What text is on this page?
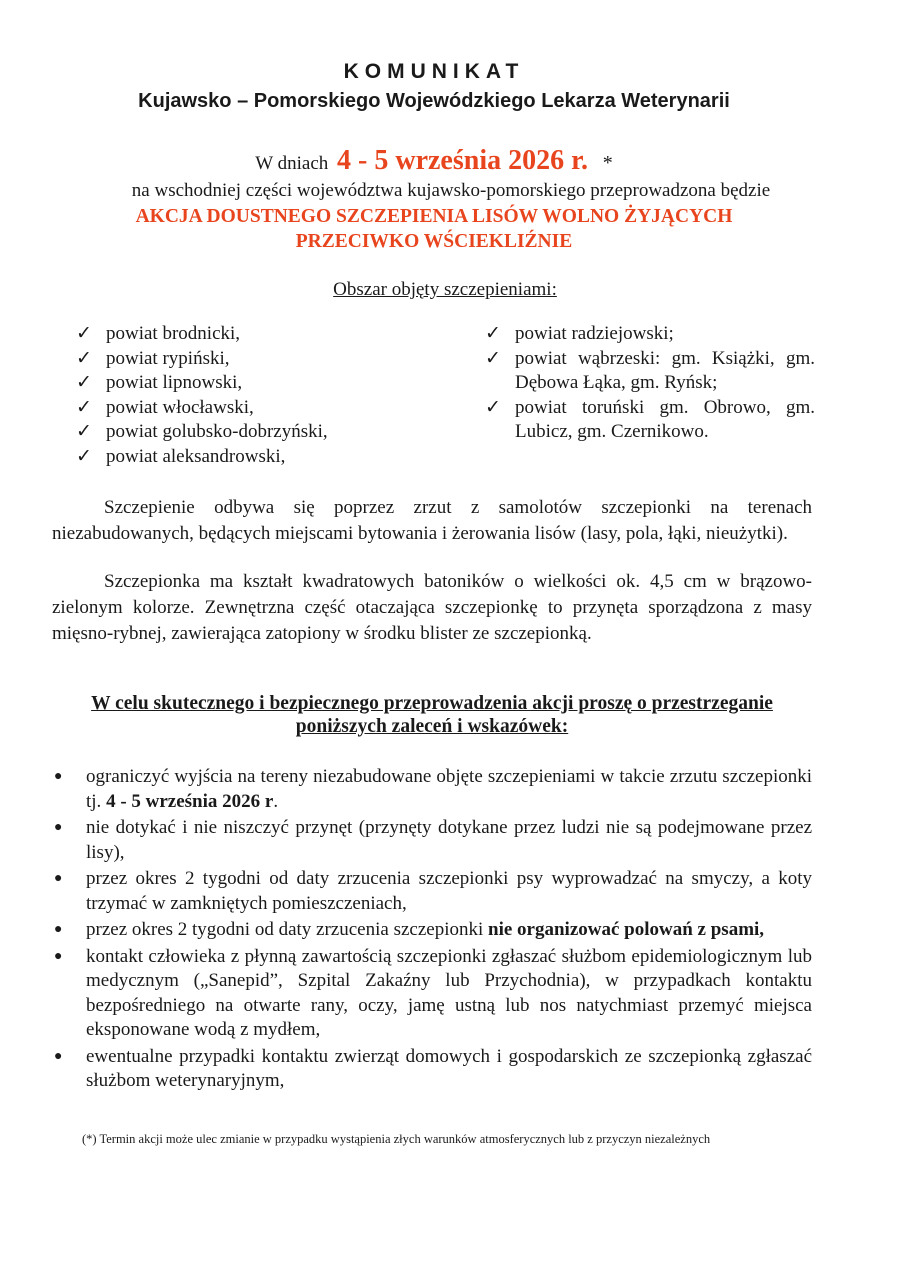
KOMUNIKAT
Kujawsko – Pomorskiego Wojewódzkiego Lekarza Weterynarii
W dniach 4 - 5 września 2026 r. *
na wschodniej części województwa kujawsko-pomorskiego przeprowadzona będzie
AKCJA DOUSTNEGO SZCZEPIENIA LISÓW WOLNO ŻYJĄCYCH
PRZECIWKO WŚCIEKLIŹNIE
Obszar objęty szczepieniami:
✓ powiat brodnicki,
✓ powiat rypiński,
✓ powiat lipnowski,
✓ powiat włocławski,
✓ powiat golubsko-dobrzyński,
✓ powiat aleksandrowski,
✓ powiat radziejowski;
✓ powiat wąbrzeski: gm. Książki, gm. Dębowa Łąka, gm. Ryńsk;
✓ powiat toruński gm. Obrowo, gm. Lubicz, gm. Czernikowo.

Szczepienie odbywa się poprzez zrzut z samolotów szczepionki na terenach niezabudowanych, będących miejscami bytowania i żerowania lisów (lasy, pola, łąki, nieużytki).

Szczepionka ma kształt kwadratowych batoników o wielkości ok. 4,5 cm w brązowo-zielonym kolorze. Zewnętrzna część otaczająca szczepionkę to przynęta sporządzona z masy mięsno-rybnej, zawierająca zatopiony w środku blister ze szczepionką.

W celu skutecznego i bezpiecznego przeprowadzenia akcji proszę o przestrzeganie
poniższych zaleceń i wskazówek:
●	ograniczyć wyjścia na tereny niezabudowane objęte szczepieniami w takcie zrzutu szczepionki tj. 4 - 5 września 2026 r.
●	nie dotykać i nie niszczyć przynęt (przynęty dotykane przez ludzi nie są podejmowane przez lisy),
●	przez okres 2 tygodni od daty zrzucenia szczepionki psy wyprowadzać na smyczy, a koty trzymać w zamkniętych pomieszczeniach,
●	przez okres 2 tygodni od daty zrzucenia szczepionki nie organizować polowań z psami,
●	kontakt człowieka z płynną zawartością szczepionki zgłaszać służbom epidemiologicznym lub medycznym („Sanepid”, Szpital Zakaźny lub Przychodnia), w przypadkach kontaktu bezpośredniego na otwarte rany, oczy, jamę ustną lub nos natychmiast przemyć miejsca eksponowane wodą z mydłem,
●	ewentualne przypadki kontaktu zwierząt domowych i gospodarskich ze szczepionką zgłaszać służbom weterynaryjnym,
(*) Termin akcji może ulec zmianie w przypadku wystąpienia złych warunków atmosferycznych lub z przyczyn niezależnych
